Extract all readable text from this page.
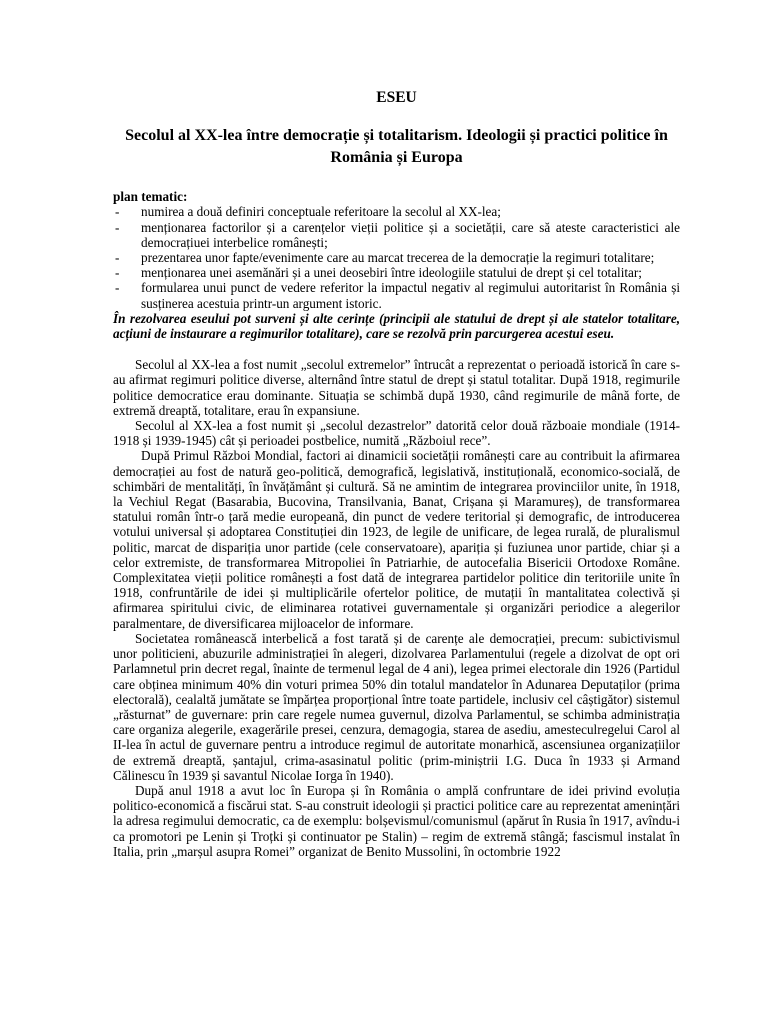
ESEU
Secolul al XX-lea între democrație și totalitarism. Ideologii și practici politice în România și Europa
plan tematic:
- numirea a două definiri conceptuale referitoare la secolul al XX-lea;
- menționarea factorilor și a carențelor vieții politice și a societății, care să ateste caracteristici ale democrațiuei interbelice românești;
- prezentarea unor fapte/evenimente care au marcat trecerea de la democrație la regimuri totalitare;
- menționarea unei asemănări și a unei deosebiri între ideologiile statului de drept și cel totalitar;
- formularea unui punct de vedere referitor la impactul negativ al regimului autoritarist în România și susținerea acestuia printr-un argument istoric.
În rezolvarea eseului pot surveni și alte cerințe (principii ale statului de drept și ale statelor totalitare, acțiuni de instaurare a regimurilor totalitare), care se rezolvă prin parcurgerea acestui eseu.

Secolul al XX-lea a fost numit „secolul extremelor” întrucât a reprezentat o perioadă istorică în care s-au afirmat regimuri politice diverse, alternând între statul de drept și statul totalitar. După 1918, regimurile politice democratice erau dominante. Situația se schimbă după 1930, când regimurile de mână forte, de extremă dreaptă, totalitare, erau în expansiune.

Secolul al XX-lea a fost numit și „secolul dezastrelor” datorită celor două războaie mondiale (1914-1918 și 1939-1945) cât și perioadei postbelice, numită „Războiul rece”.

După Primul Război Mondial, factori ai dinamicii societății românești care au contribuit la afirmarea democrației au fost de natură geo-politică, demografică, legislativă, instituțională, economico-socială, de schimbări de mentalități, în învățământ și cultură. Să ne amintim de integrarea provinciilor unite, în 1918, la Vechiul Regat (Basarabia, Bucovina, Transilvania, Banat, Crișana și Maramureș), de transformarea statului român într-o țară medie europeană, din punct de vedere teritorial și demografic, de introducerea votului universal și adoptarea Constituției din 1923, de legile de unificare, de legea rurală, de pluralismul politic, marcat de dispariția unor partide (cele conservatoare), apariția și fuziunea unor partide, chiar și a celor extremiste, de transformarea Mitropoliei în Patriarhie, de autocefalia Bisericii Ortodoxe Române. Complexitatea vieții politice românești a fost dată de integrarea partidelor politice din teritoriile unite în 1918, confruntările de idei și multiplicările ofertelor politice, de mutații în mantalitatea colectivă și afirmarea spiritului civic, de eliminarea rotativei guvernamentale și organizări periodice a alegerilor paralmentare, de diversificarea mijloacelor de informare.

Societatea românească interbelică a fost tarată și de carențe ale democrației, precum: subictivismul unor politicieni, abuzurile administrației în alegeri, dizolvarea Parlamentului (regele a dizolvat de opt ori Parlamnetul prin decret regal, înainte de termenul legal de 4 ani), legea primei electorale din 1926 (Partidul care obținea minimum 40% din voturi primea 50% din totalul mandatelor în Adunarea Deputaților (prima electorală), cealaltă jumătate se împărțea proporțional între toate partidele, inclusiv cel câștigător) sistemul „răsturnat” de guvernare: prin care regele numea guvernul, dizolva Parlamentul, se schimba administrația care organiza alegerile, exagerările presei, cenzura, demagogia, starea de asediu, amesteculregelui Carol al II-lea în actul de guvernare pentru a introduce regimul de autoritate monarhică, ascensiunea organizațiilor de extremă dreaptă, șantajul, crima-asasinatul politic (prim-miniștrii I.G. Duca în 1933 și Armand Călinescu în 1939 și savantul Nicolae Iorga în 1940).

După anul 1918 a avut loc în Europa și în România o amplă confruntare de idei privind evoluția politico-economică a fiscărui stat. S-au construit ideologii și practici politice care au reprezentat amenințări la adresa regimului democratic, ca de exemplu: bolșevismul/comunismul (apărut în Rusia în 1917, avîndu-i ca promotori pe Lenin și Troțki și continuator pe Stalin) – regim de extremă stângă; fascismul instalat în Italia, prin „marșul asupra Romei” organizat de Benito Mussolini, în octombrie 1922
